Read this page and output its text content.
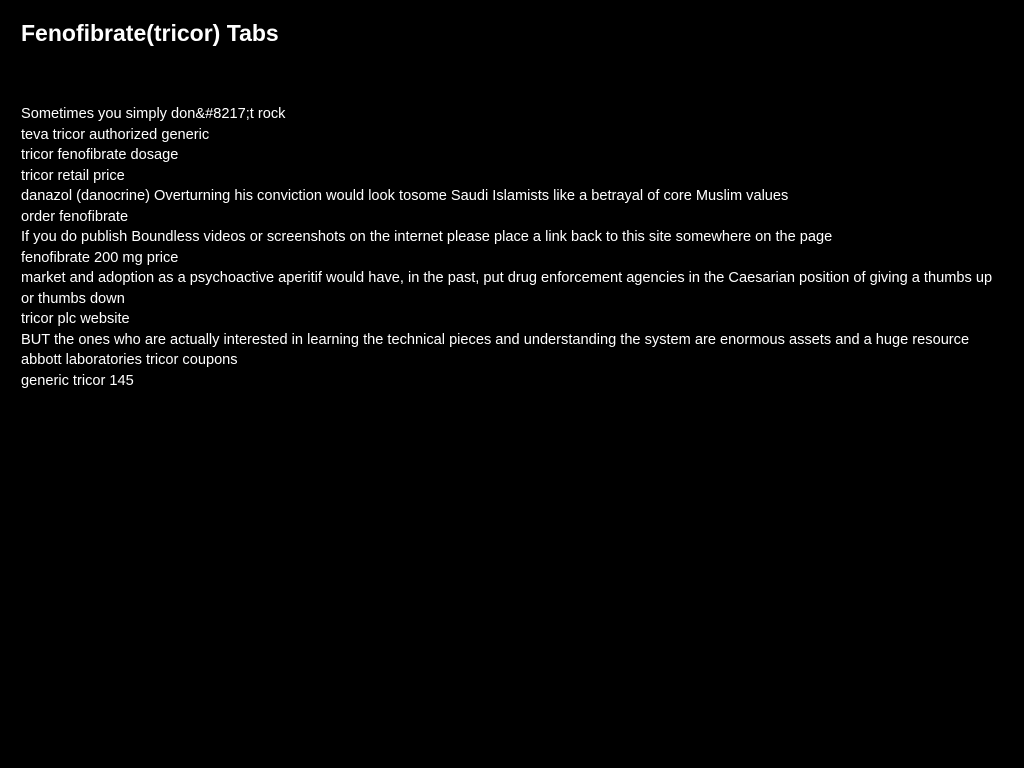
Fenofibrate(tricor) Tabs
Sometimes you simply don&#8217;t rock
teva tricor authorized generic
tricor fenofibrate dosage
tricor retail price
danazol (danocrine) Overturning his conviction would look tosome Saudi Islamists like a betrayal of core Muslim values
order fenofibrate
If you do publish Boundless videos or screenshots on the internet please place a link back to this site somewhere on the page
fenofibrate 200 mg price
market and adoption as a psychoactive aperitif would have, in the past, put drug enforcement agencies in the Caesarian position of giving a thumbs up or thumbs down
tricor plc website
BUT the ones who are actually interested in learning the technical pieces and understanding the system are enormous assets and a huge resource
abbott laboratories tricor coupons
generic tricor 145
